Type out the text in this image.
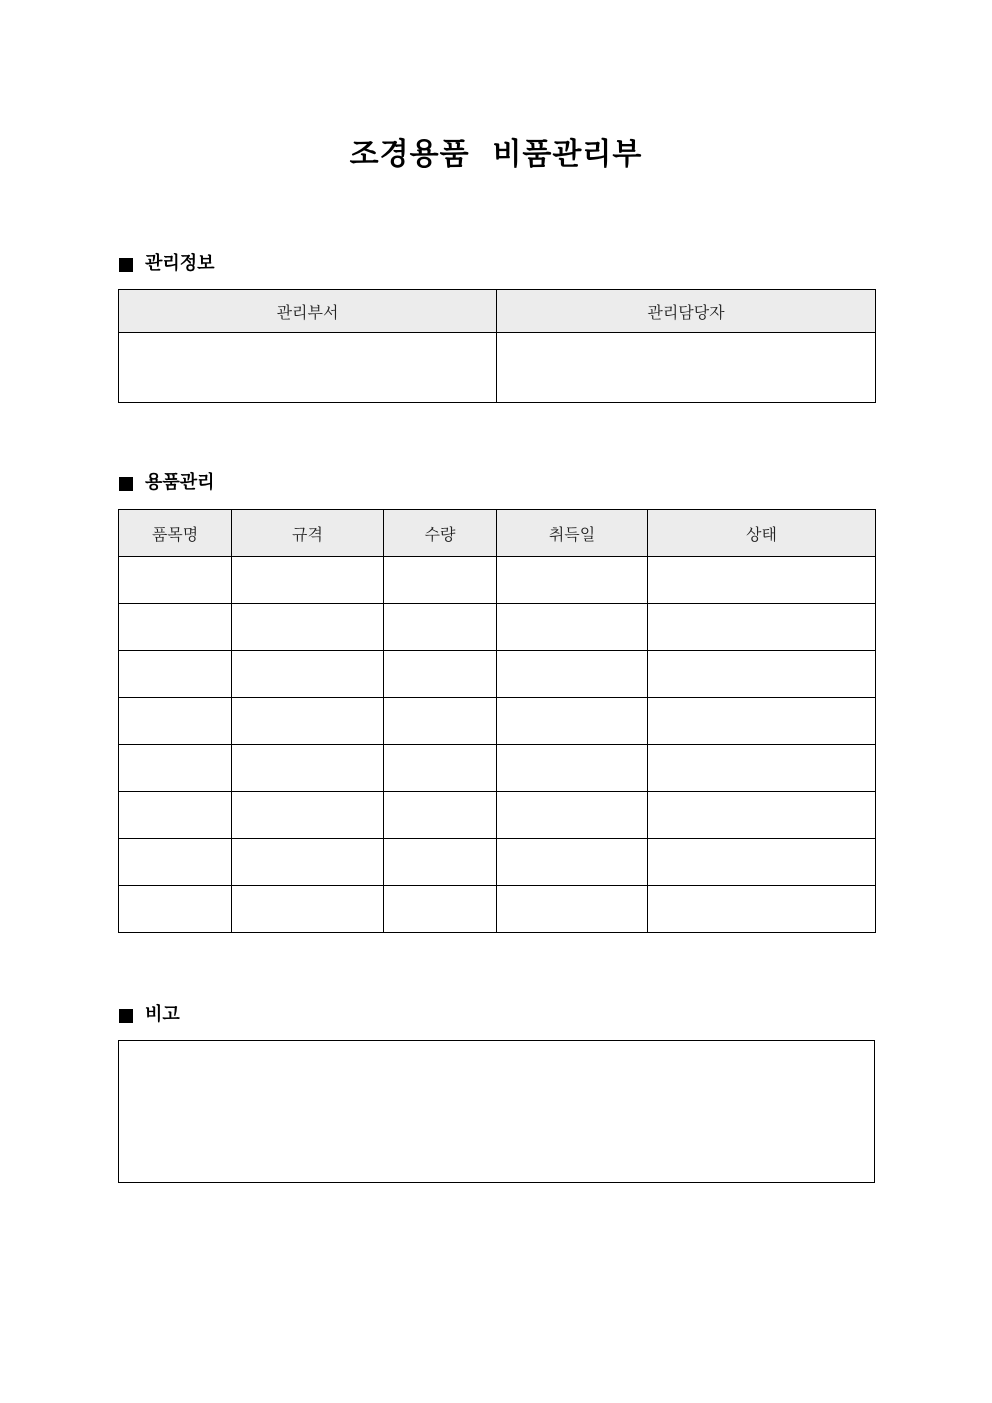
조경용품  비품관리부
관리정보
관리부서	관리담당자

용품관리
품목명	규격	수량	취득일	상태

비고
